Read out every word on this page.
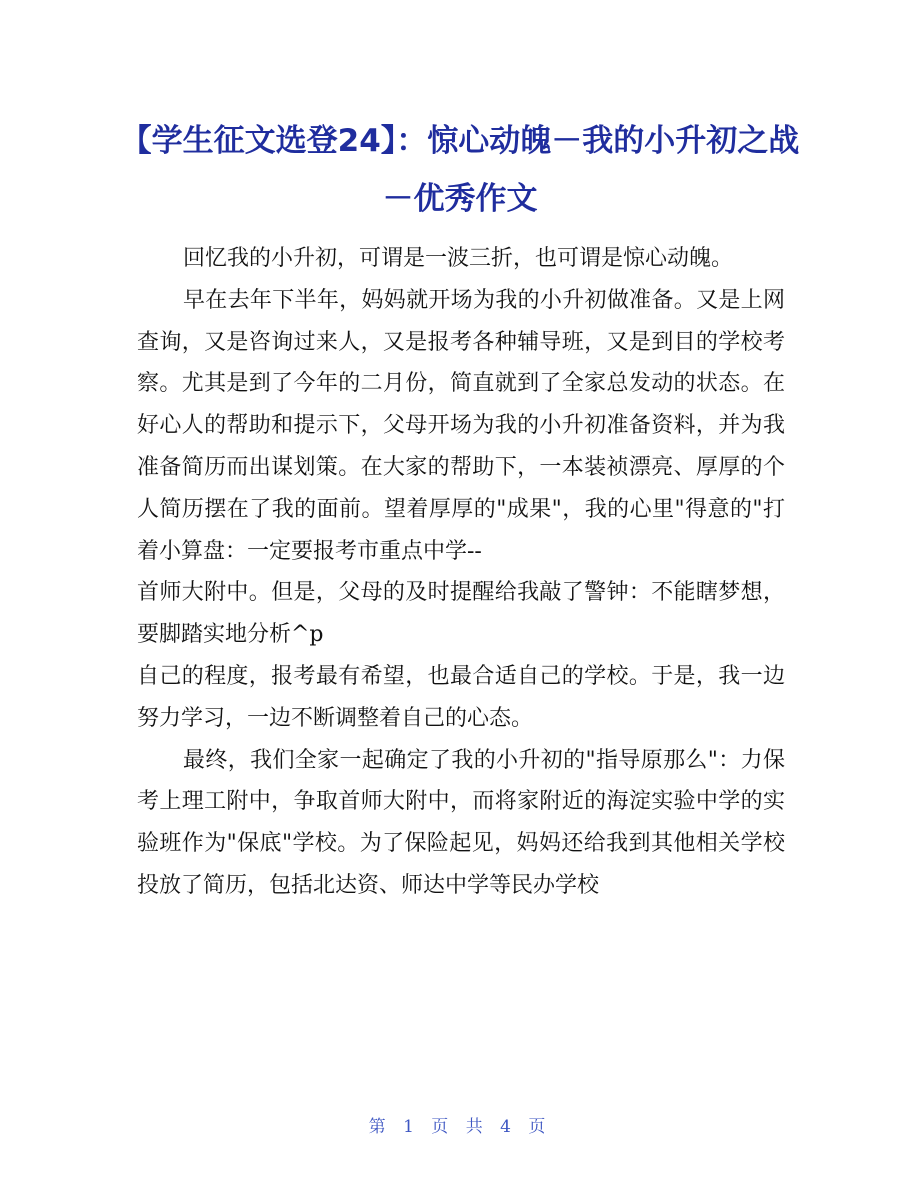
【学生征文选登24】：惊心动魄－我的小升初之战－优秀作文

回忆我的小升初，可谓是一波三折，也可谓是惊心动魄。

早在去年下半年，妈妈就开场为我的小升初做准备。又是上网查询，又是咨询过来人，又是报考各种辅导班，又是到目的学校考察。尤其是到了今年的二月份，简直就到了全家总发动的状态。在好心人的帮助和提示下，父母开场为我的小升初准备资料，并为我准备简历而出谋划策。在大家的帮助下，一本装祯漂亮、厚厚的个人简历摆在了我的面前。望着厚厚的"成果"，我的心里"得意的"打着小算盘：一定要报考市重点中学--

首师大附中。但是，父母的及时提醒给我敲了警钟：不能瞎梦想，要脚踏实地分析^p

自己的程度，报考最有希望，也最合适自己的学校。于是，我一边努力学习，一边不断调整着自己的心态。

最终，我们全家一起确定了我的小升初的"指导原那么"：力保考上理工附中，争取首师大附中，而将家附近的海淀实验中学的实验班作为"保底"学校。为了保险起见，妈妈还给我到其他相关学校投放了简历，包括北达资、师达中学等民办学校

第 1 页 共 4 页
